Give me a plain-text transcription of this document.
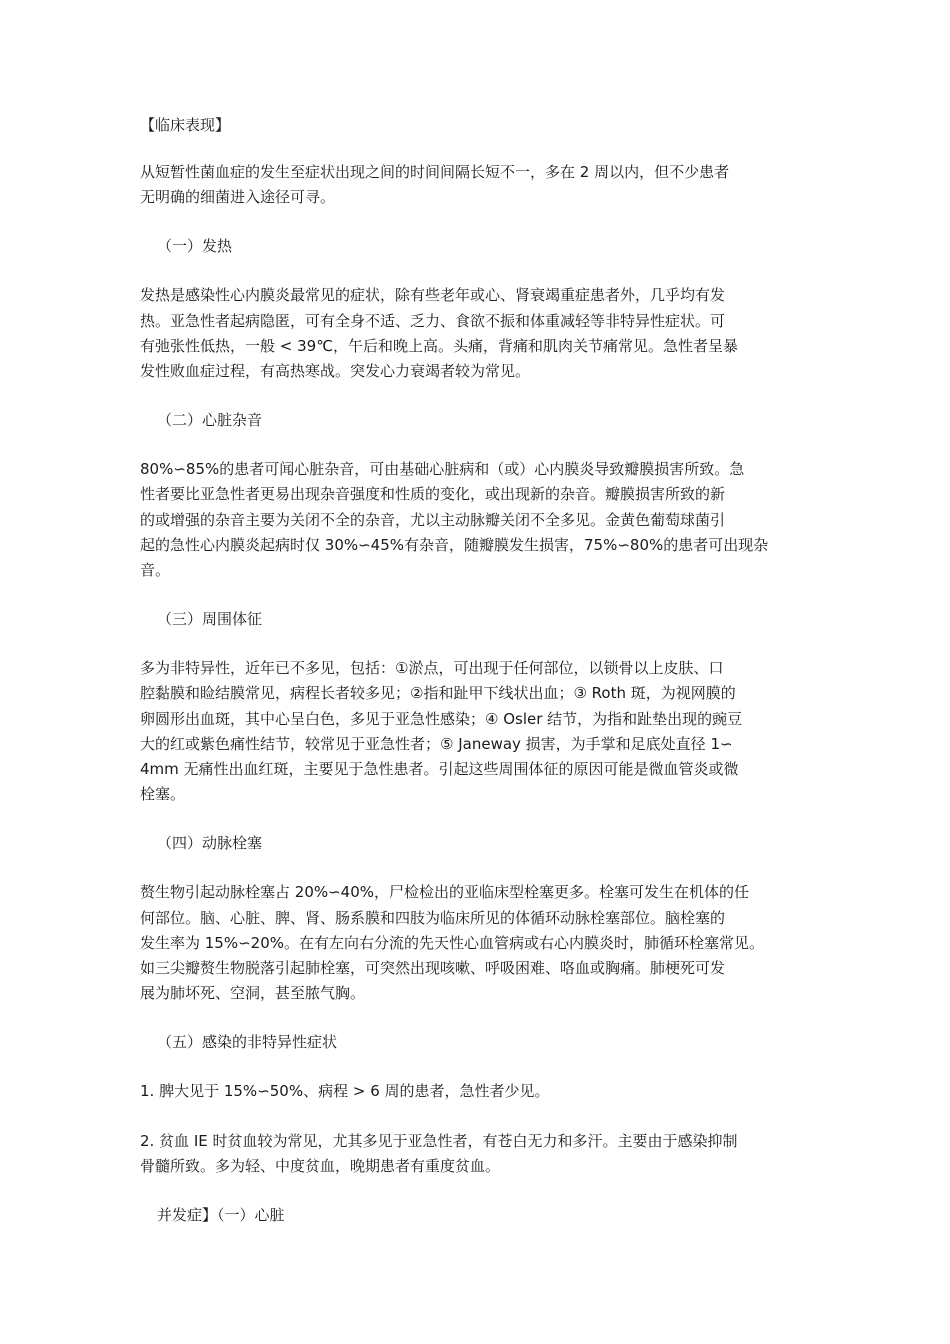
【临床表现】

从短暂性菌血症的发生至症状出现之间的时间间隔长短不一，多在 2 周以内，但不少患者
无明确的细菌进入途径可寻。

（一）发热

发热是感染性心内膜炎最常见的症状，除有些老年或心、肾衰竭重症患者外，几乎均有发
热。亚急性者起病隐匿，可有全身不适、乏力、食欲不振和体重减轻等非特异性症状。可
有弛张性低热，一般 < 39℃，午后和晚上高。头痛，背痛和肌肉关节痛常见。急性者呈暴
发性败血症过程，有高热寒战。突发心力衰竭者较为常见。

（二）心脏杂音

80%∽85%的患者可闻心脏杂音，可由基础心脏病和（或）心内膜炎导致瓣膜损害所致。急
性者要比亚急性者更易出现杂音强度和性质的变化，或出现新的杂音。瓣膜损害所致的新
的或增强的杂音主要为关闭不全的杂音，尤以主动脉瓣关闭不全多见。金黄色葡萄球菌引
起的急性心内膜炎起病时仅 30%∽45%有杂音，随瓣膜发生损害，75%∽80%的患者可出现杂
音。

（三）周围体征

多为非特异性，近年已不多见，包括：①淤点，可出现于任何部位，以锁骨以上皮肤、口
腔黏膜和睑结膜常见，病程长者较多见；②指和趾甲下线状出血；③ Roth 斑，为视网膜的
卵圆形出血斑，其中心呈白色，多见于亚急性感染；④ Osler 结节，为指和趾垫出现的豌豆
大的红或紫色痛性结节，较常见于亚急性者；⑤ Janeway 损害，为手掌和足底处直径 1∽
4mm 无痛性出血红斑，主要见于急性患者。引起这些周围体征的原因可能是微血管炎或微
栓塞。

（四）动脉栓塞

赘生物引起动脉栓塞占 20%∽40%，尸检检出的亚临床型栓塞更多。栓塞可发生在机体的任
何部位。脑、心脏、脾、肾、肠系膜和四肢为临床所见的体循环动脉栓塞部位。脑栓塞的
发生率为 15%∽20%。在有左向右分流的先天性心血管病或右心内膜炎时，肺循环栓塞常见。
如三尖瓣赘生物脱落引起肺栓塞，可突然出现咳嗽、呼吸困难、咯血或胸痛。肺梗死可发
展为肺坏死、空洞，甚至脓气胸。

（五）感染的非特异性症状

1. 脾大见于 15%∽50%、病程 > 6 周的患者，急性者少见。

2. 贫血 IE 时贫血较为常见，尤其多见于亚急性者，有苍白无力和多汗。主要由于感染抑制
骨髓所致。多为轻、中度贫血，晚期患者有重度贫血。

并发症】（一）心脏
